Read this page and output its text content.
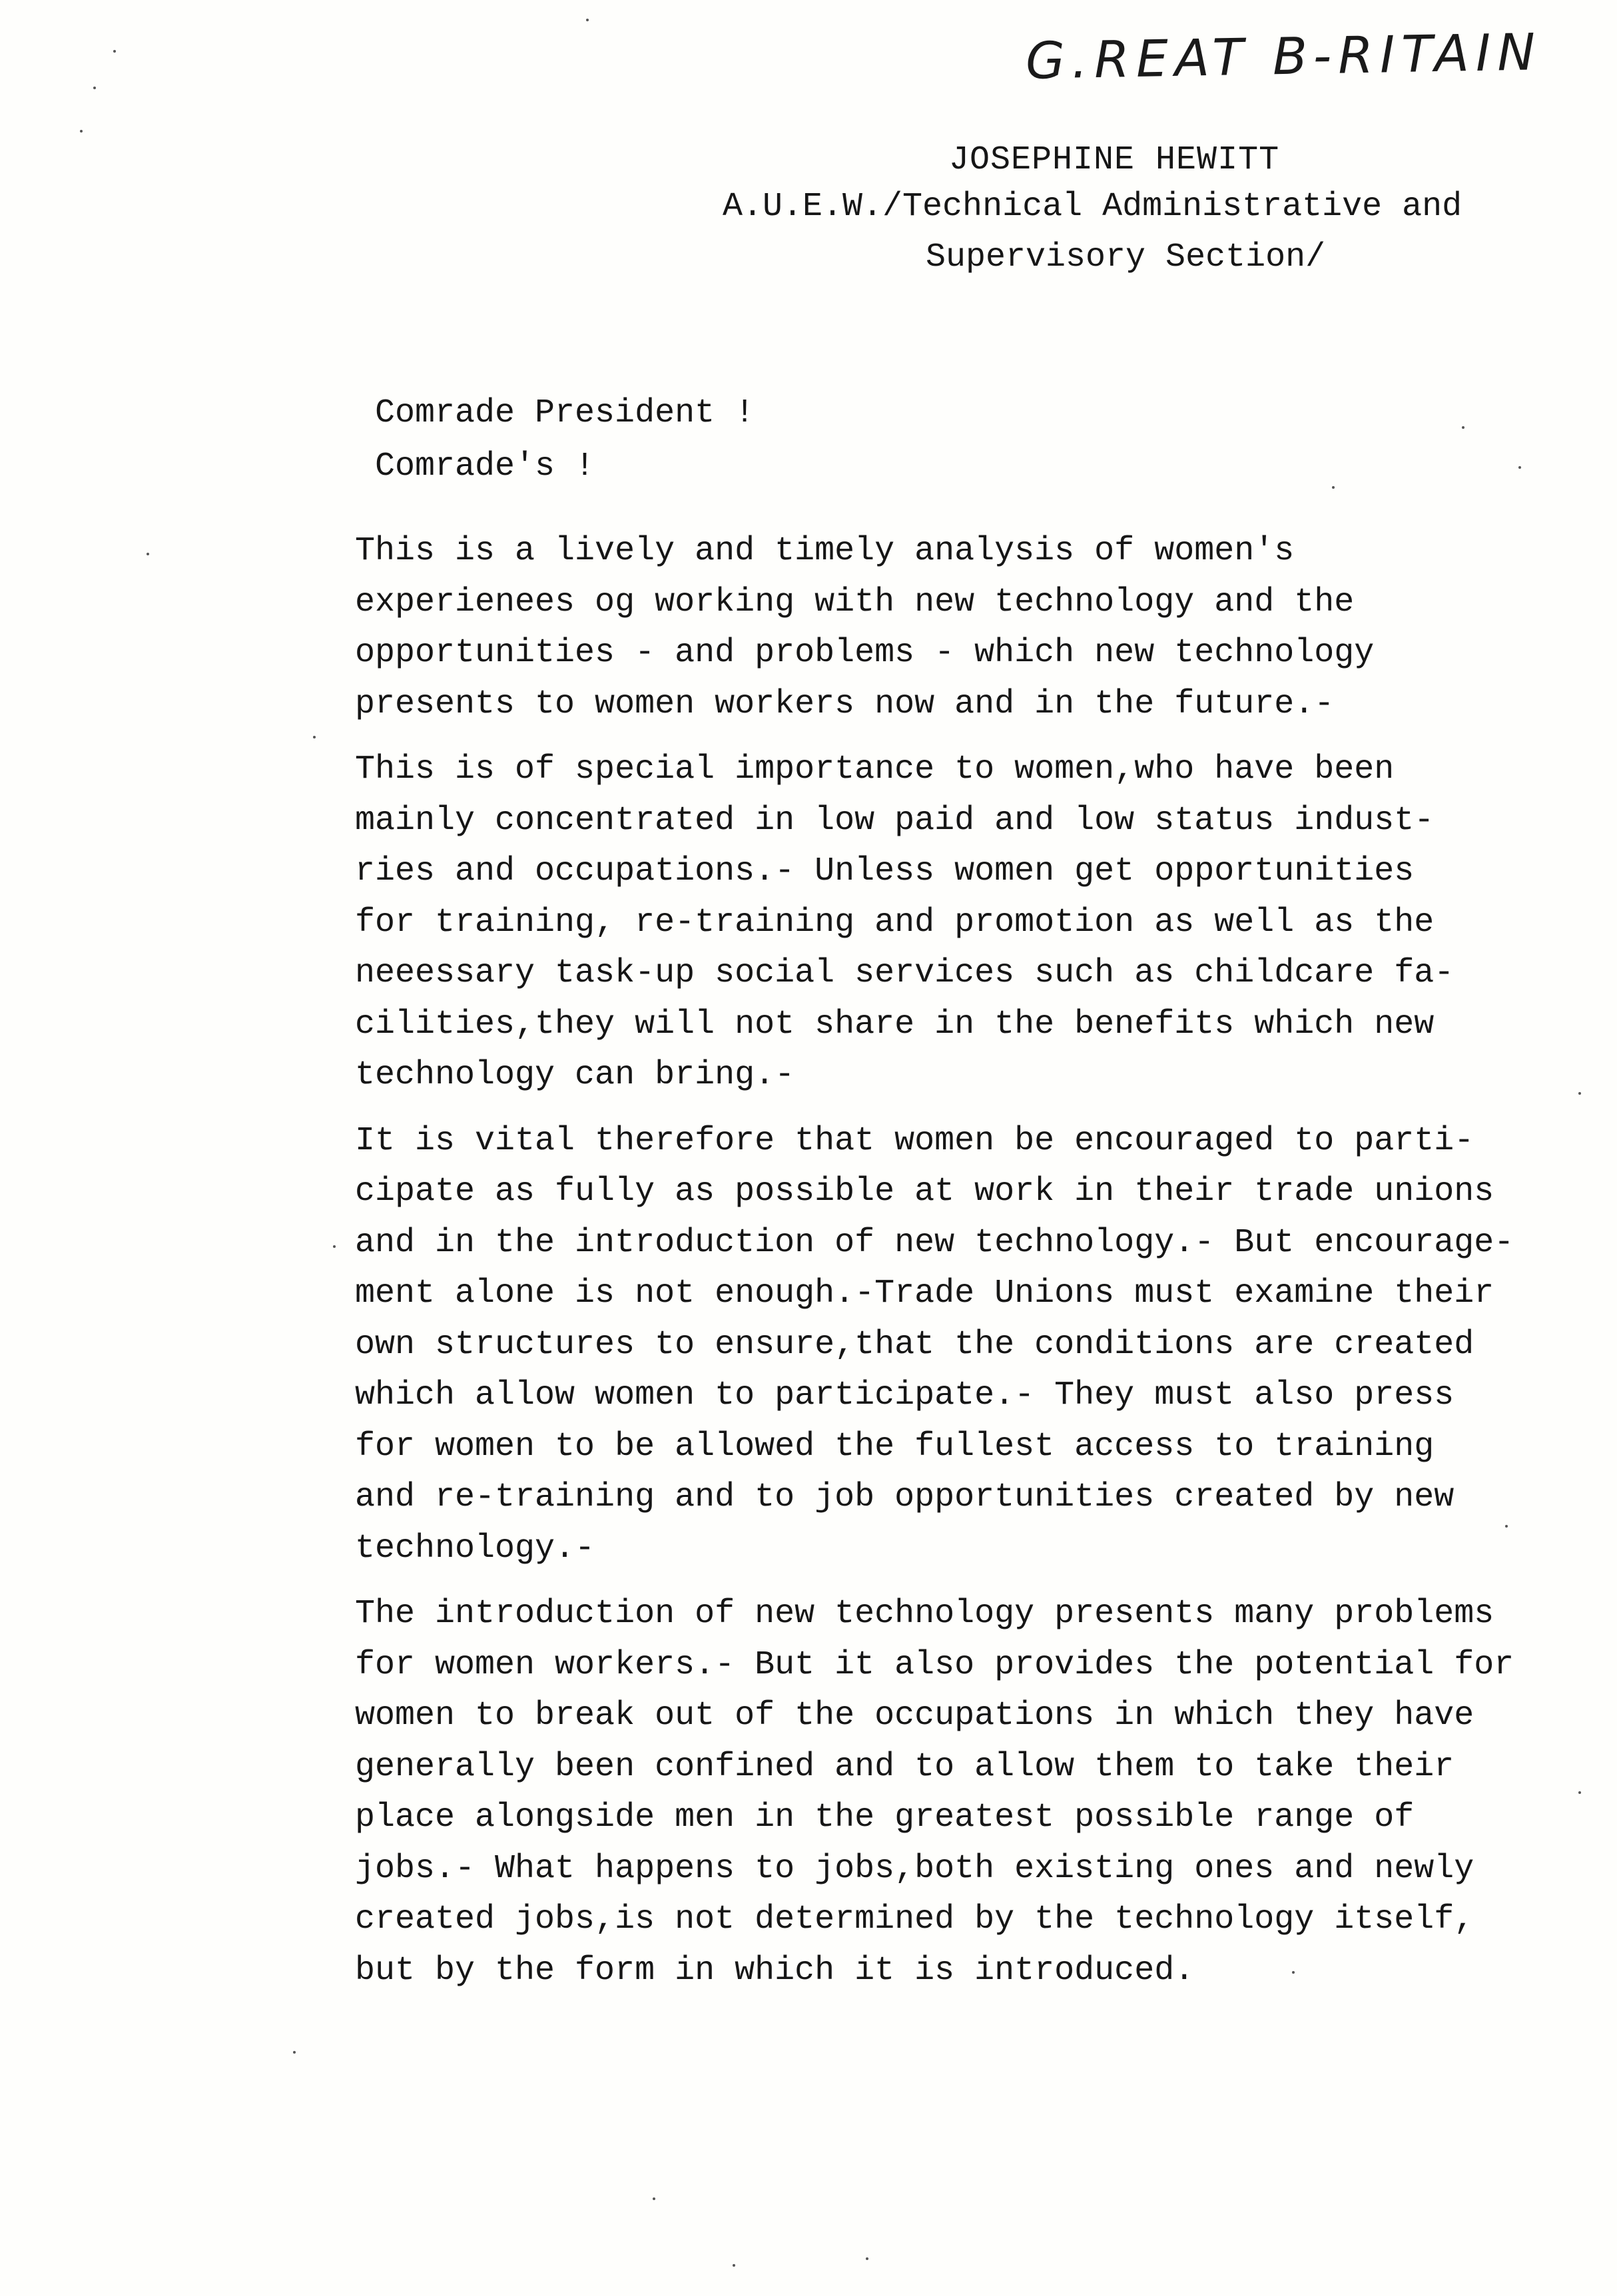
G.REAT B-RITAIN
JOSEPHINE HEWITT
A.U.E.W./Technical Administrative and
Supervisory Section/
Comrade President !
Comrade's !

This is a lively and timely analysis of women's
experienees og working with new technology and the
opportunities - and problems - which new technology
presents to women workers now and in the future.-

This is of special importance to women,who have been
mainly concentrated in low paid and low status indust-
ries and occupations.- Unless women get opportunities
for training, re-training and promotion as well as the
neeessary task-up social services such as childcare fa-
cilities,they will not share in the benefits which new
technology can bring.-

It is vital therefore that women be encouraged to parti-
cipate as fully as possible at work in their trade unions
and in the introduction of new technology.- But encourage-
ment alone is not enough.-Trade Unions must examine their
own structures to ensure,that the conditions are created
which allow women to participate.- They must also press
for women to be allowed the fullest access to training
and re-training and to job opportunities created by new
technology.-

The introduction of new technology presents many problems
for women workers.- But it also provides the potential for
women to break out of the occupations in which they have
generally been confined and to allow them to take their
place alongside men in the greatest possible range of
jobs.- What happens to jobs,both existing ones and newly
created jobs,is not determined by the technology itself,
but by the form in which it is introduced.
